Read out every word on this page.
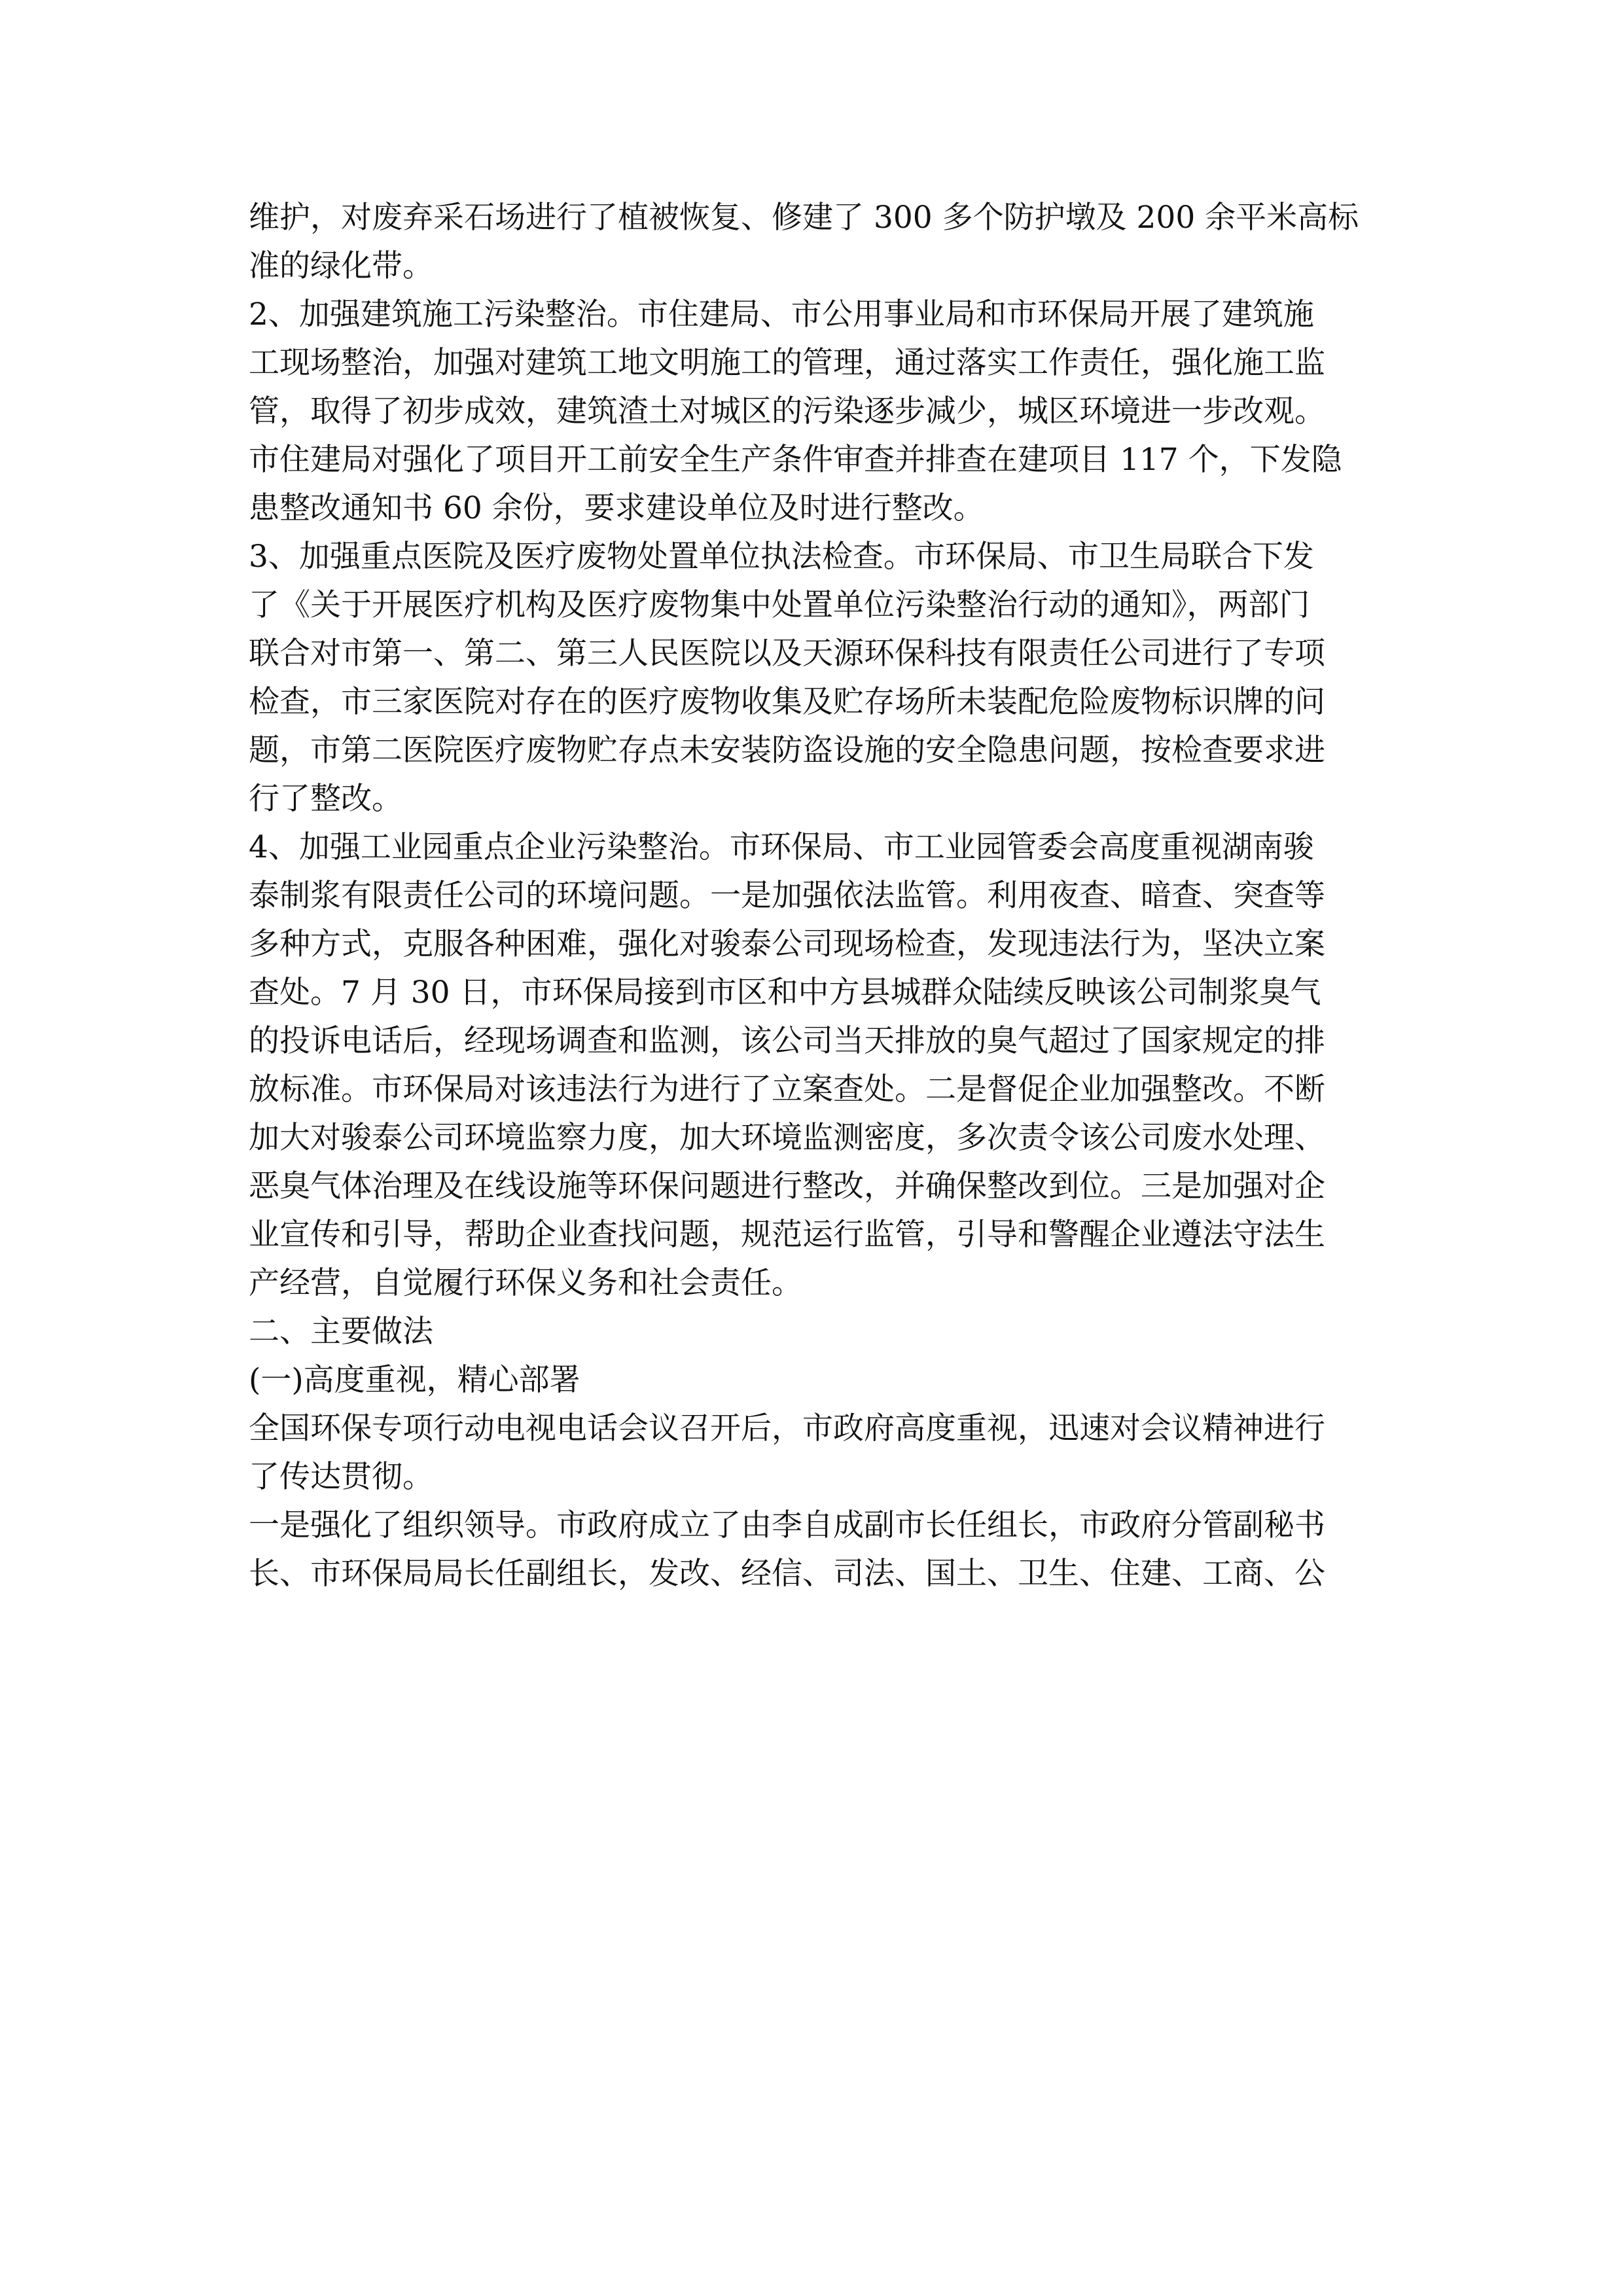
维护，对废弃采石场进行了植被恢复、修建了 300 多个防护墩及 200 余平米高标

准的绿化带。

2、加强建筑施工污染整治。市住建局、市公用事业局和市环保局开展了建筑施

工现场整治，加强对建筑工地文明施工的管理，通过落实工作责任，强化施工监

管，取得了初步成效，建筑渣土对城区的污染逐步减少，城区环境进一步改观。

市住建局对强化了项目开工前安全生产条件审查并排查在建项目 117 个，下发隐

患整改通知书 60 余份，要求建设单位及时进行整改。

3、加强重点医院及医疗废物处置单位执法检查。市环保局、市卫生局联合下发

了《关于开展医疗机构及医疗废物集中处置单位污染整治行动的通知》，两部门

联合对市第一、第二、第三人民医院以及天源环保科技有限责任公司进行了专项

检查，市三家医院对存在的医疗废物收集及贮存场所未装配危险废物标识牌的问

题，市第二医院医疗废物贮存点未安装防盗设施的安全隐患问题，按检查要求进

行了整改。

4、加强工业园重点企业污染整治。市环保局、市工业园管委会高度重视湖南骏

泰制浆有限责任公司的环境问题。一是加强依法监管。利用夜查、暗查、突查等

多种方式，克服各种困难，强化对骏泰公司现场检查，发现违法行为，坚决立案

查处。7 月 30 日，市环保局接到市区和中方县城群众陆续反映该公司制浆臭气

的投诉电话后，经现场调查和监测，该公司当天排放的臭气超过了国家规定的排

放标准。市环保局对该违法行为进行了立案查处。二是督促企业加强整改。不断

加大对骏泰公司环境监察力度，加大环境监测密度，多次责令该公司废水处理、

恶臭气体治理及在线设施等环保问题进行整改，并确保整改到位。三是加强对企

业宣传和引导，帮助企业查找问题，规范运行监管，引导和警醒企业遵法守法生

产经营，自觉履行环保义务和社会责任。

二、主要做法

(一)高度重视，精心部署

全国环保专项行动电视电话会议召开后，市政府高度重视，迅速对会议精神进行

了传达贯彻。

一是强化了组织领导。市政府成立了由李自成副市长任组长，市政府分管副秘书

长、市环保局局长任副组长，发改、经信、司法、国土、卫生、住建、工商、公
